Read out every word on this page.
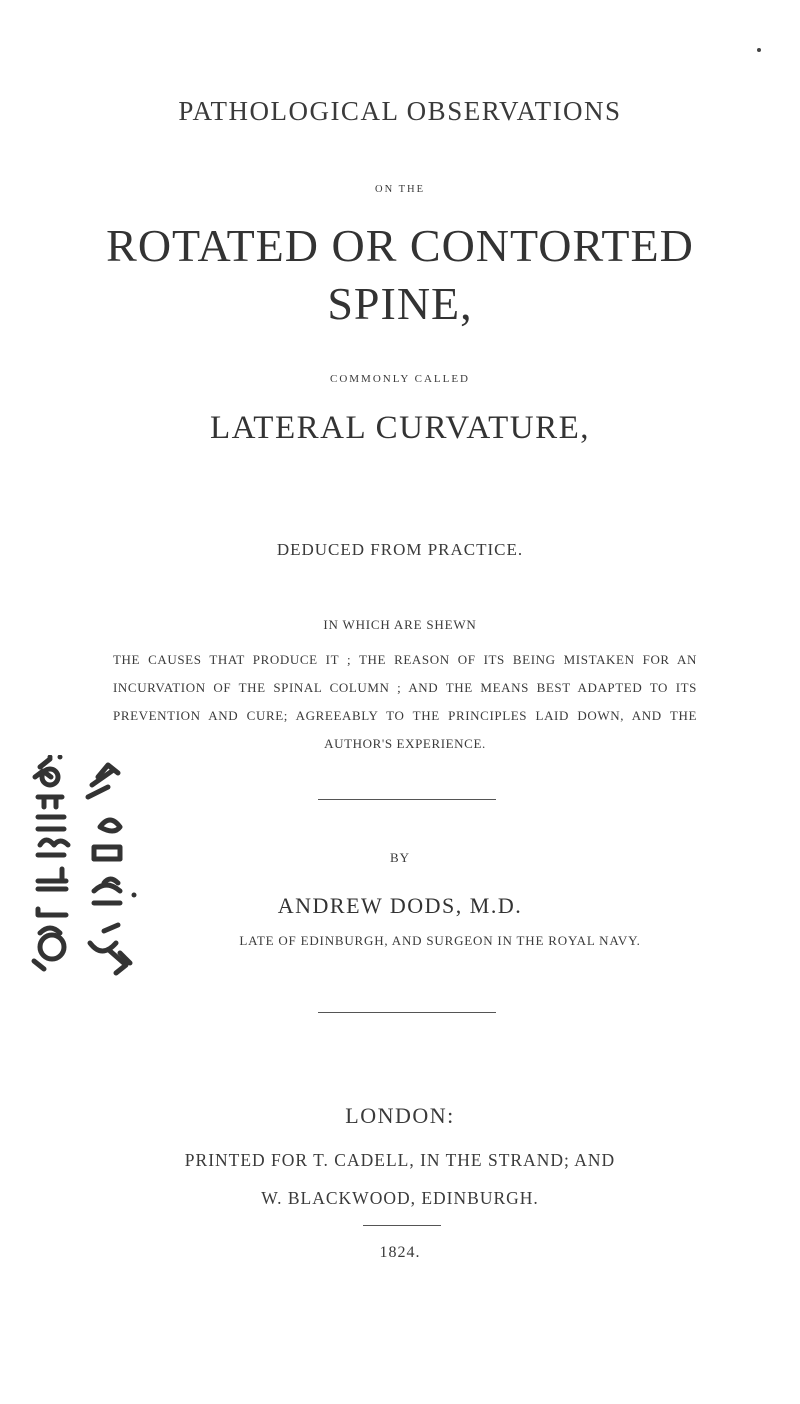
PATHOLOGICAL OBSERVATIONS
ON THE
ROTATED OR CONTORTED
SPINE,
COMMONLY CALLED
LATERAL CURVATURE,
DEDUCED FROM PRACTICE.
IN WHICH ARE SHEWN
THE CAUSES THAT PRODUCE IT ; THE REASON OF ITS BEING MISTAKEN FOR AN INCURVATION OF THE SPINAL COLUMN ; AND THE MEANS BEST ADAPTED TO ITS PREVENTION AND CURE; AGREEABLY TO THE PRINCIPLES LAID DOWN, AND THE AUTHOR'S EXPERIENCE.
BY
ANDREW DODS, M.D.
LATE OF EDINBURGH, AND SURGEON IN THE ROYAL NAVY.
LONDON:
PRINTED FOR T. CADELL, IN THE STRAND; AND
W. BLACKWOOD, EDINBURGH.
1824.
